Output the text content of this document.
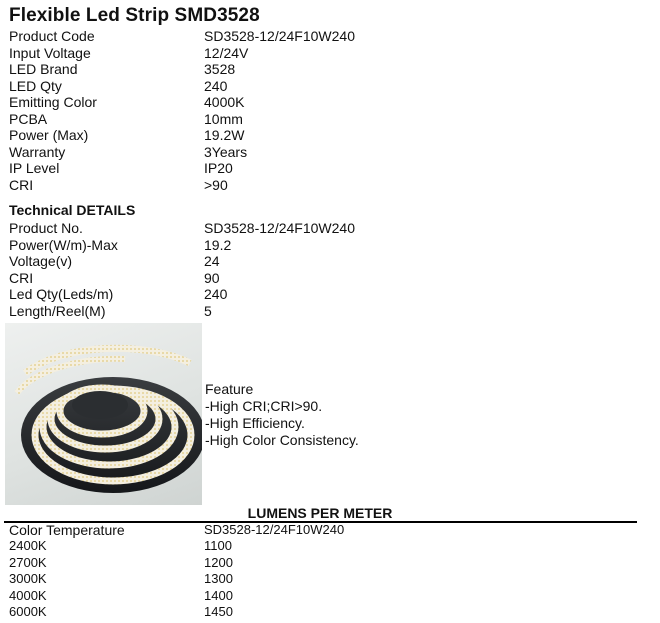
Flexible Led Strip SMD3528
Product Code	SD3528-12/24F10W240
Input Voltage	12/24V
LED Brand	3528
LED Qty	240
Emitting Color	4000K
PCBA	10mm
Power (Max)	19.2W
Warranty	3Years
IP Level	IP20
CRI	>90
Technical DETAILS
Product No.	SD3528-12/24F10W240
Power(W/m)-Max	19.2
Voltage(v)	24
CRI	90
Led Qty(Leds/m)	240
Length/Reel(M)	5
Feature
-High CRI;CRI>90.
-High Efficiency.
-High Color Consistency.
LUMENS PER METER
Color Temperature	SD3528-12/24F10W240
2400K	1100
2700K	1200
3000K	1300
4000K	1400
6000K	1450
